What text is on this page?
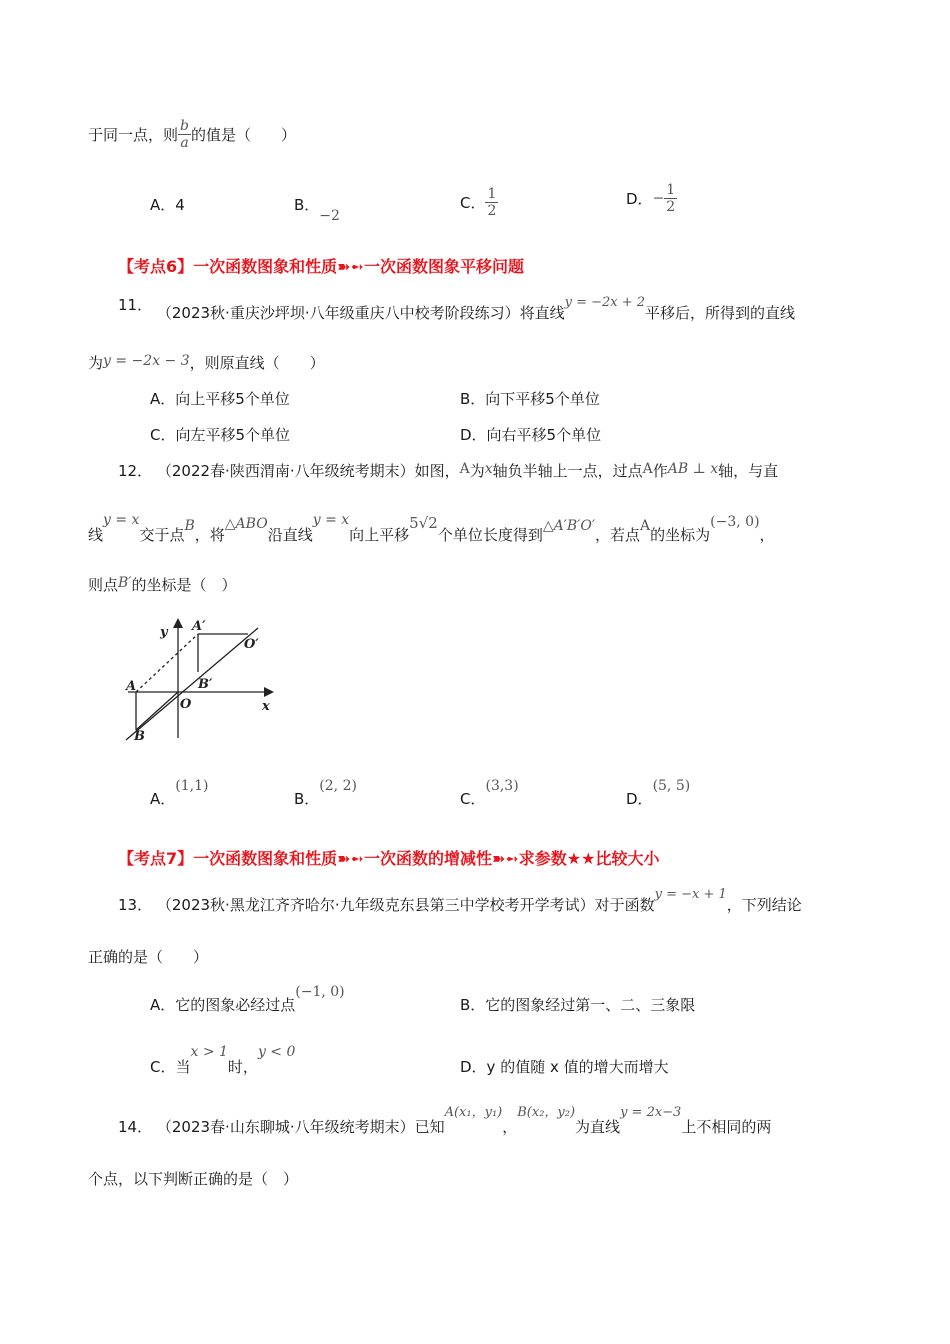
于同一点，则 $\frac{b}{a}$ 的值是（　　）
A．4	B．−2
C． $\frac{1}{2}$	D．− $\frac{1}{2}$
【考点6】一次函数图象和性质➽➻一次函数图象平移问题
11． （2023秋·重庆沙坪坝·八年级重庆八中校考阶段练习）将直线y = −2x + 2平移后，所得到的直线
为y = −2x − 3，则原直线（　　）
A．向上平移5个单位	B．向下平移5个单位
C．向左平移5个单位	D．向右平移5个单位
12． （2022春·陕西渭南·八年级统考期末）如图，A为x轴负半轴上一点，过点A作AB ⊥ x轴，与直
线y = x交于点B，将△ABO沿直线y = x向上平移5√2个单位长度得到△A′B′O′，若点A的坐标为(−3, 0)，
则点B′的坐标是（　）
y
x
A
A′
O′
B′
O
B
A．(1,1)
B．(2, 2)
C．(3,3)
D．(5, 5)
【考点7】一次函数图象和性质➽➻一次函数的增减性➽➻求参数★★比较大小
13． （2023秋·黑龙江齐齐哈尔·九年级克东县第三中学校考开学考试）对于函数y = −x + 1，下列结论
正确的是（　　）
A．它的图象必经过点(−1, 0)
B．它的图象经过第一、二、三象限
C．当x > 1时，y < 0
D．y 的值随 x 值的增大而增大
14． （2023春·山东聊城·八年级统考期末）已知A(x₁，y₁)，B(x₂，y₂)为直线y = 2x−3上不相同的两
个点，以下判断正确的是（　）
